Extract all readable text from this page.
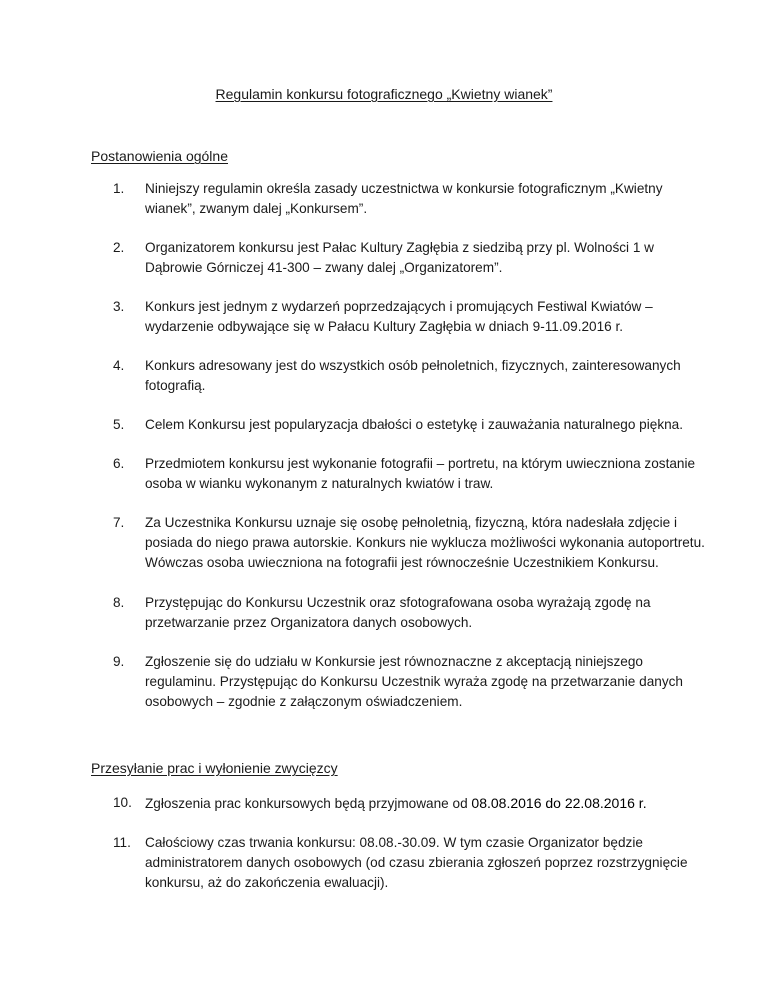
Regulamin konkursu fotograficznego „Kwietny wianek”
Postanowienia ogólne
1. Niniejszy regulamin określa zasady uczestnictwa w konkursie fotograficznym „Kwietny wianek”, zwanym dalej „Konkursem”.
2. Organizatorem konkursu jest Pałac Kultury Zagłębia z siedzibą przy pl. Wolności 1 w Dąbrowie Górniczej 41-300 – zwany dalej „Organizatorem”.
3. Konkurs jest jednym z wydarzeń poprzedzających i promujących Festiwal Kwiatów – wydarzenie odbywające się w Pałacu Kultury Zagłębia w dniach 9-11.09.2016 r.
4. Konkurs adresowany jest do wszystkich osób pełnoletnich, fizycznych, zainteresowanych fotografią.
5. Celem Konkursu jest popularyzacja dbałości o estetykę i zauważania naturalnego piękna.
6. Przedmiotem konkursu jest wykonanie fotografii – portretu, na którym uwieczniona zostanie osoba w wianku wykonanym z naturalnych kwiatów i traw.
7. Za Uczestnika Konkursu uznaje się osobę pełnoletnią, fizyczną, która nadesłała zdjęcie i posiada do niego prawa autorskie. Konkurs nie wyklucza możliwości wykonania autoportretu. Wówczas osoba uwieczniona na fotografii jest równocześnie Uczestnikiem Konkursu.
8. Przystępując do Konkursu Uczestnik oraz sfotografowana osoba wyrażają zgodę na przetwarzanie przez Organizatora danych osobowych.
9. Zgłoszenie się do udziału w Konkursie jest równoznaczne z akceptacją niniejszego regulaminu. Przystępując do Konkursu Uczestnik wyraża zgodę na przetwarzanie danych osobowych – zgodnie z załączonym oświadczeniem.
Przesyłanie prac i wyłonienie zwycięzcy
10. Zgłoszenia prac konkursowych będą przyjmowane od 08.08.2016 do 22.08.2016 r.
11. Całościowy czas trwania konkursu: 08.08.-30.09. W tym czasie Organizator będzie administratorem danych osobowych (od czasu zbierania zgłoszeń poprzez rozstrzygnięcie konkursu, aż do zakończenia ewaluacji).
